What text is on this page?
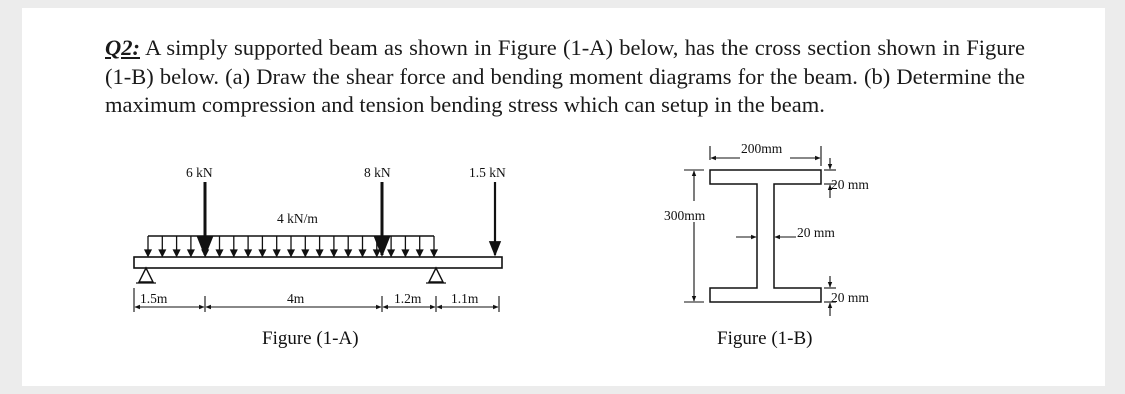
Q2: A simply supported beam as shown in Figure (1-A) below, has the cross section shown in Figure (1-B) below. (a) Draw the shear force and bending moment diagrams for the beam. (b) Determine the maximum compression and tension bending stress which can setup in the beam.
6 kN	8 kN	1.5 kN
4 kN/m
1.5m	4m	1.2m 1.1m
Figure (1-A)
200mm
300mm
20 mm
20 mm
20 mm
Figure (1-B)
